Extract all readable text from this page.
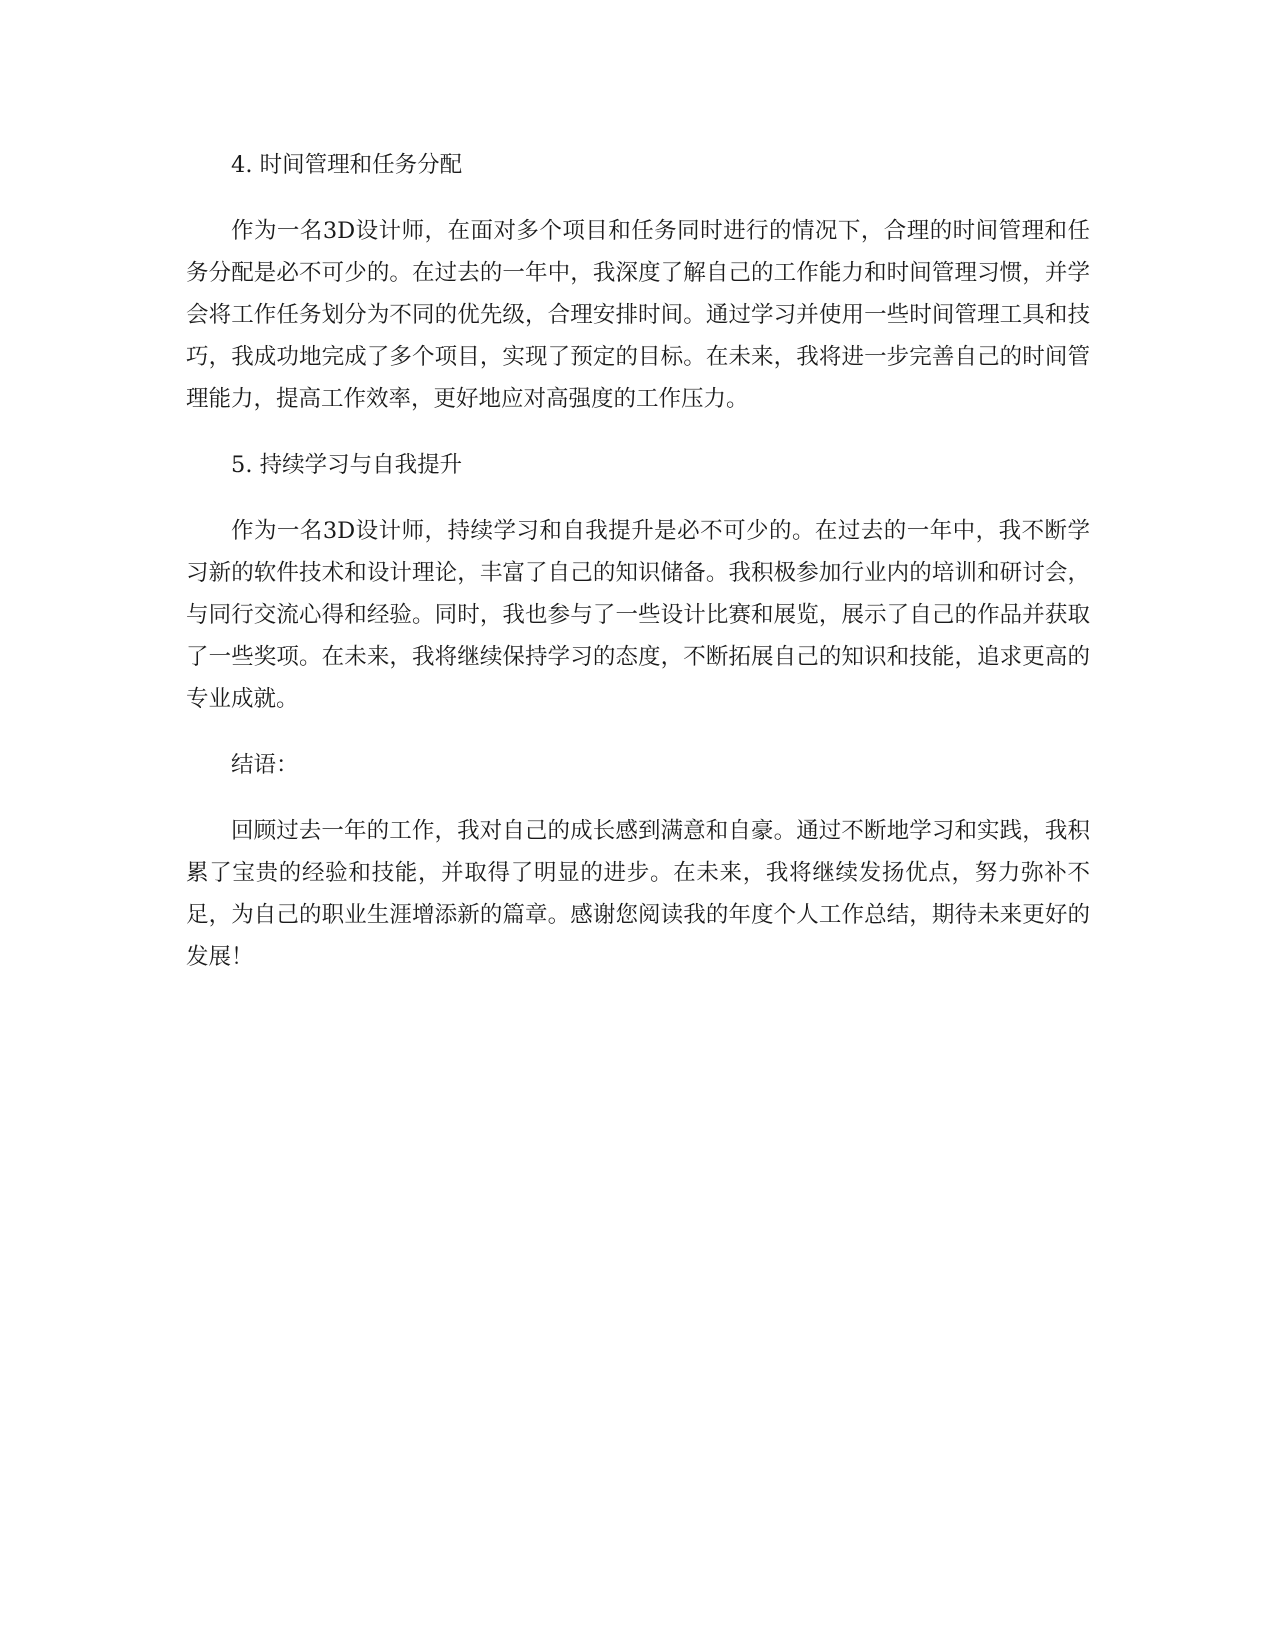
4. 时间管理和任务分配

作为一名3D设计师，在面对多个项目和任务同时进行的情况下，合理的时间管理和任务分配是必不可少的。在过去的一年中，我深度了解自己的工作能力和时间管理习惯，并学会将工作任务划分为不同的优先级，合理安排时间。通过学习并使用一些时间管理工具和技巧，我成功地完成了多个项目，实现了预定的目标。在未来，我将进一步完善自己的时间管理能力，提高工作效率，更好地应对高强度的工作压力。

5. 持续学习与自我提升

作为一名3D设计师，持续学习和自我提升是必不可少的。在过去的一年中，我不断学习新的软件技术和设计理论，丰富了自己的知识储备。我积极参加行业内的培训和研讨会，与同行交流心得和经验。同时，我也参与了一些设计比赛和展览，展示了自己的作品并获取了一些奖项。在未来，我将继续保持学习的态度，不断拓展自己的知识和技能，追求更高的专业成就。

结语：

回顾过去一年的工作，我对自己的成长感到满意和自豪。通过不断地学习和实践，我积累了宝贵的经验和技能，并取得了明显的进步。在未来，我将继续发扬优点，努力弥补不足，为自己的职业生涯增添新的篇章。感谢您阅读我的年度个人工作总结，期待未来更好的发展！
